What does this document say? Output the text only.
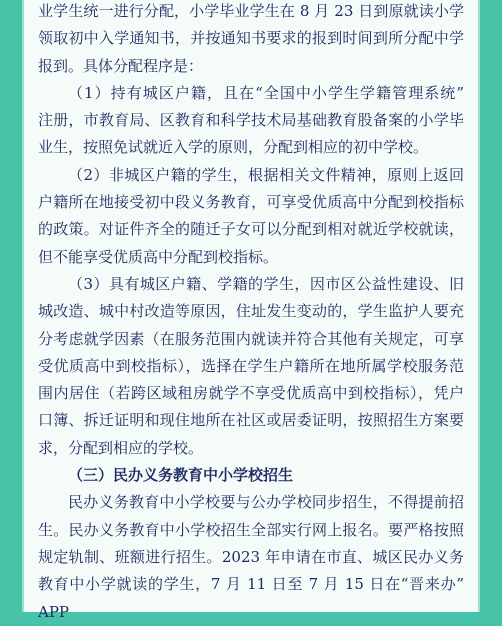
业学生统一进行分配，小学毕业学生在 8 月 23 日到原就读小学
领取初中入学通知书，并按通知书要求的报到时间到所分配中学
报到。具体分配程序是：
（1）持有城区户籍，且在“全国中小学生学籍管理系统”
注册，市教育局、区教育和科学技术局基础教育股备案的小学毕
业生，按照免试就近入学的原则，分配到相应的初中学校。
（2）非城区户籍的学生，根据相关文件精神，原则上返回
户籍所在地接受初中段义务教育，可享受优质高中分配到校指标
的政策。对证件齐全的随迁子女可以分配到相对就近学校就读，
但不能享受优质高中分配到校指标。
（3）具有城区户籍、学籍的学生，因市区公益性建设、旧
城改造、城中村改造等原因，住址发生变动的，学生监护人要充
分考虑就学因素（在服务范围内就读并符合其他有关规定，可享
受优质高中到校指标），选择在学生户籍所在地所属学校服务范
围内居住（若跨区域租房就学不享受优质高中到校指标），凭户
口簿、拆迁证明和现住地所在社区或居委证明，按照招生方案要
求，分配到相应的学校。
（三）民办义务教育中小学校招生
民办义务教育中小学校要与公办学校同步招生，不得提前招
生。民办义务教育中小学校招生全部实行网上报名。要严格按照
规定轨制、班额进行招生。2023 年申请在市直、城区民办义务
教育中小学就读的学生，7 月 11 日至 7 月 15 日在“晋来办” APP
